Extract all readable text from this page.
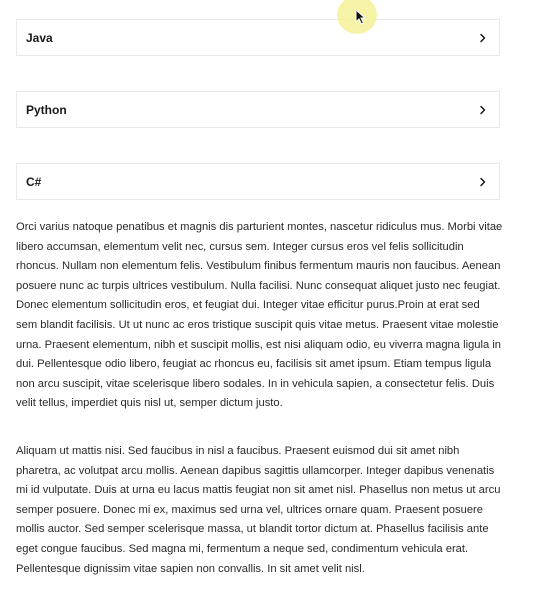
Java
Python
C#

Orci varius natoque penatibus et magnis dis parturient montes, nascetur ridiculus mus. Morbi vitae libero accumsan, elementum velit nec, cursus sem. Integer cursus eros vel felis sollicitudin rhoncus. Nullam non elementum felis. Vestibulum finibus fermentum mauris non faucibus. Aenean posuere nunc ac turpis ultrices vestibulum. Nulla facilisi. Nunc consequat aliquet justo nec feugiat. Donec elementum sollicitudin eros, et feugiat dui. Integer vitae efficitur purus.Proin at erat sed sem blandit facilisis. Ut ut nunc ac eros tristique suscipit quis vitae metus. Praesent vitae molestie urna. Praesent elementum, nibh et suscipit mollis, est nisi aliquam odio, eu viverra magna ligula in dui. Pellentesque odio libero, feugiat ac rhoncus eu, facilisis sit amet ipsum. Etiam tempus ligula non arcu suscipit, vitae scelerisque libero sodales. In in vehicula sapien, a consectetur felis. Duis velit tellus, imperdiet quis nisl ut, semper dictum justo.

Aliquam ut mattis nisi. Sed faucibus in nisl a faucibus. Praesent euismod dui sit amet nibh pharetra, ac volutpat arcu mollis. Aenean dapibus sagittis ullamcorper. Integer dapibus venenatis mi id vulputate. Duis at urna eu lacus mattis feugiat non sit amet nisl. Phasellus non metus ut arcu semper posuere. Donec mi ex, maximus sed urna vel, ultrices ornare quam. Praesent posuere mollis auctor. Sed semper scelerisque massa, ut blandit tortor dictum at. Phasellus facilisis ante eget congue faucibus. Sed magna mi, fermentum a neque sed, condimentum vehicula erat. Pellentesque dignissim vitae sapien non convallis. In sit amet velit nisl.
